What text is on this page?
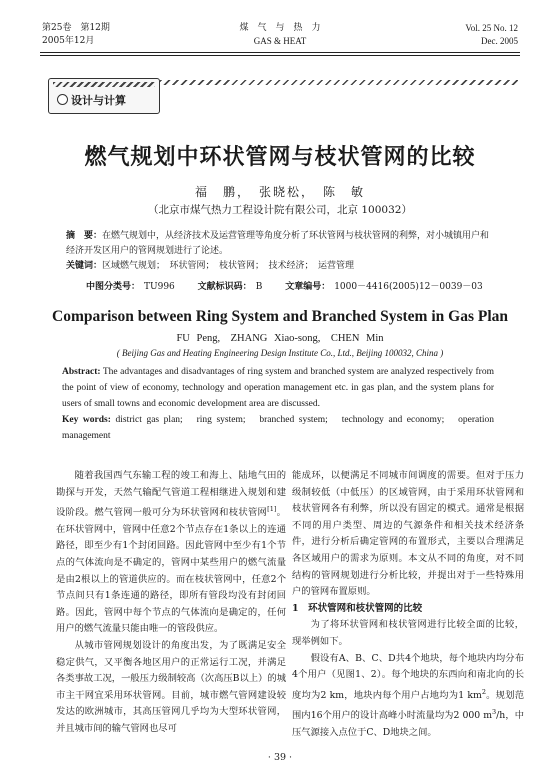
第25卷　第12期
2005年12月
煤　气　与　热　力
GAS & HEAT
Vol. 25 No. 12
Dec. 2005
设计与计算
燃气规划中环状管网与枝状管网的比较
福　鹏，　张晓松，　陈　敏
（北京市煤气热力工程设计院有限公司，北京 100032）
摘　要：在燃气规划中，从经济技术及运营管理等角度分析了环状管网与枝状管网的利弊，对小城镇用户和经济开发区用户的管网规划进行了论述。
关键词：区域燃气规划；　环状管网；　枝状管网；　技术经济；　运营管理
中图分类号： TU996	文献标识码： B	文章编号： 1000－4416(2005)12－0039－03
Comparison between Ring System and Branched System in Gas Plan
FU Peng,　ZHANG Xiao-song,　CHEN Min
( Beijing Gas and Heating Engineering Design Institute Co., Ltd., Beijing 100032, China )
Abstract: The advantages and disadvantages of ring system and branched system are analyzed respectively from the point of view of economy, technology and operation management etc. in gas plan, and the system plans for users of small towns and economic development area are discussed.
Key words: district gas plan;　ring system;　branched system;　technology and economy;　operation management

随着我国西气东输工程的竣工和海上、陆地气田的勘探与开发，天然气输配气管道工程相继进入规划和建设阶段。燃气管网一般可分为环状管网和枝状管网[1]。在环状管网中，管网中任意2个节点存在1条以上的连通路径，即至少有1个封闭回路。因此管网中至少有1个节点的气体流向是不确定的，管网中某些用户的燃气流量是由2根以上的管道供应的。而在枝状管网中，任意2个节点间只有1条连通的路径，即所有管段均没有封闭回路。因此，管网中每个节点的气体流向是确定的，任何用户的燃气流量只能由唯一的管段供应。

从城市管网规划设计的角度出发，为了既满足安全稳定供气，又平衡各地区用户的正常运行工况，并满足各类事故工况，一般压力级制较高（次高压B以上）的城市主干网宜采用环状管网。目前，城市燃气管网建设较发达的欧洲城市，其高压管网几乎均为大型环状管网，并且城市间的输气管网也尽可

能成环，以便满足不同城市间调度的需要。但对于压力级制较低（中低压）的区域管网，由于采用环状管网和枝状管网各有利弊，所以没有固定的模式。通常是根据不同的用户类型、周边的气源条件和相关技术经济条件，进行分析后确定管网的布置形式，主要以合理满足各区域用户的需求为原则。本文从不同的角度，对不同结构的管网规划进行分析比较，并提出对于一些特殊用户的管网布置原则。

1　环状管网和枝状管网的比较

为了将环状管网和枝状管网进行比较全面的比较，现举例如下。

假设有A、B、C、D共4个地块，每个地块内均分布4个用户（见图1、2）。每个地块的东西向和南北向的长度均为2 km，地块内每个用户占地均为1 $km^2$。规划范围内16个用户的设计高峰小时流量均为2 000 $m^3/h$，中压气源接入点位于C、D地块之间。

· 39 ·
